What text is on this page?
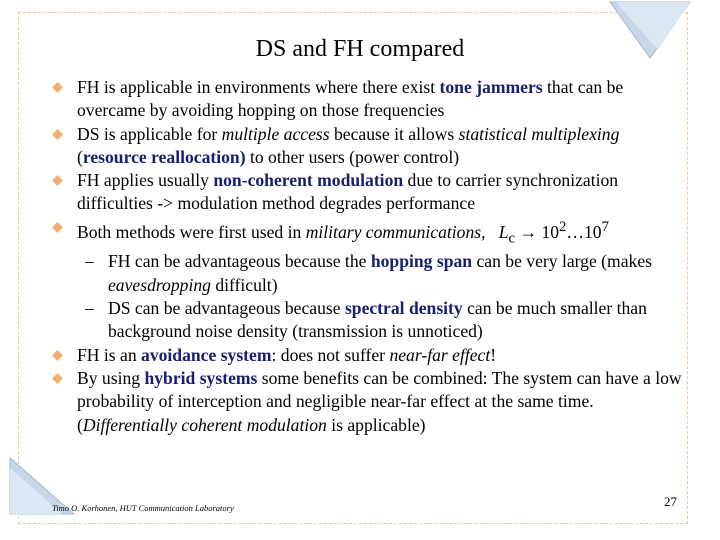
DS and FH compared
FH is applicable in environments where there exist tone jammers that can be overcame by avoiding hopping on those frequencies
DS is applicable for multiple access because it allows statistical multiplexing (resource reallocation) to other users (power control)
FH applies usually non-coherent modulation due to carrier synchronization difficulties -> modulation method degrades performance
Both methods were first used in military communications, $L_c$ → $10^2\dots 10^7$
– FH can be advantageous because the hopping span can be very large (makes eavesdropping difficult)
– DS can be advantageous because spectral density can be much smaller than background noise density (transmission is unnoticed)
FH is an avoidance system: does not suffer near-far effect!
By using hybrid systems some benefits can be combined: The system can have a low probability of interception and negligible near-far effect at the same time. (Differentially coherent modulation is applicable)
Timo O. Korhonen, HUT Communication Laboratory	27
